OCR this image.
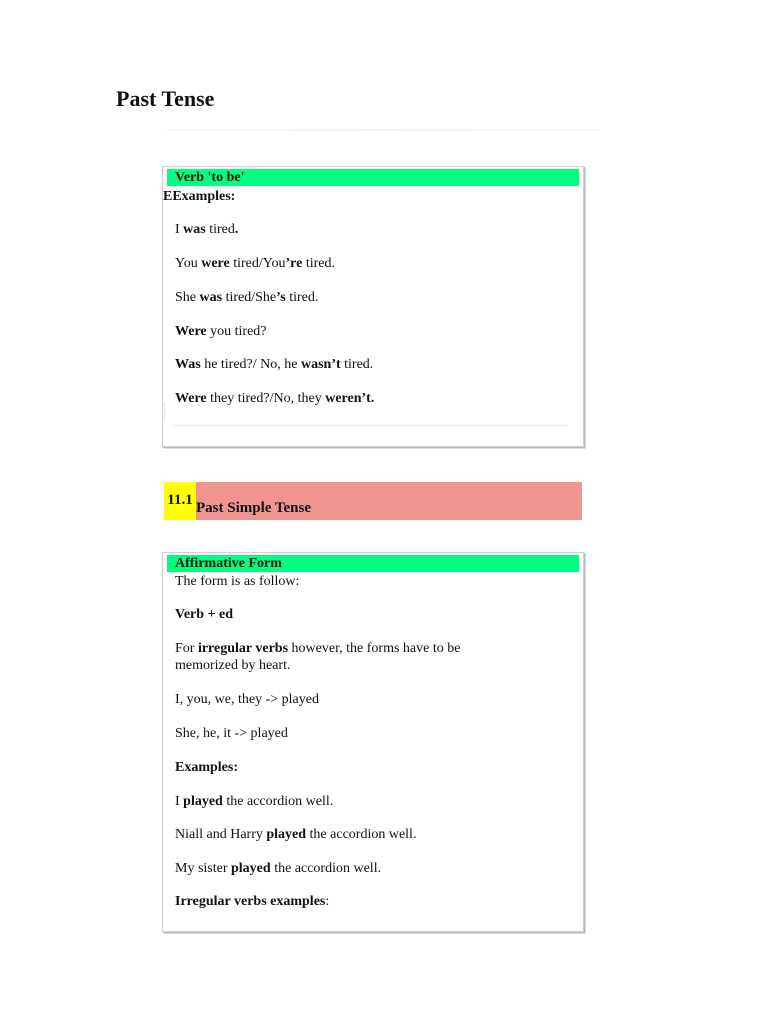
Past Tense
Verb 'to be'
EExamples:
I was tired.
You were tired/You’re tired.
She was tired/She’s tired.
Were you tired?
Was he tired?/ No, he wasn’t tired.
Were they tired?/No, they weren’t.
11.1 Past Simple Tense
Affirmative Form
The form is as follow:
Verb + ed
For irregular verbs however, the forms have to be memorized by heart.
I, you, we, they -> played
She, he, it -> played
Examples:
I played the accordion well.
Niall and Harry played the accordion well.
My sister played the accordion well.
Irregular verbs examples:
